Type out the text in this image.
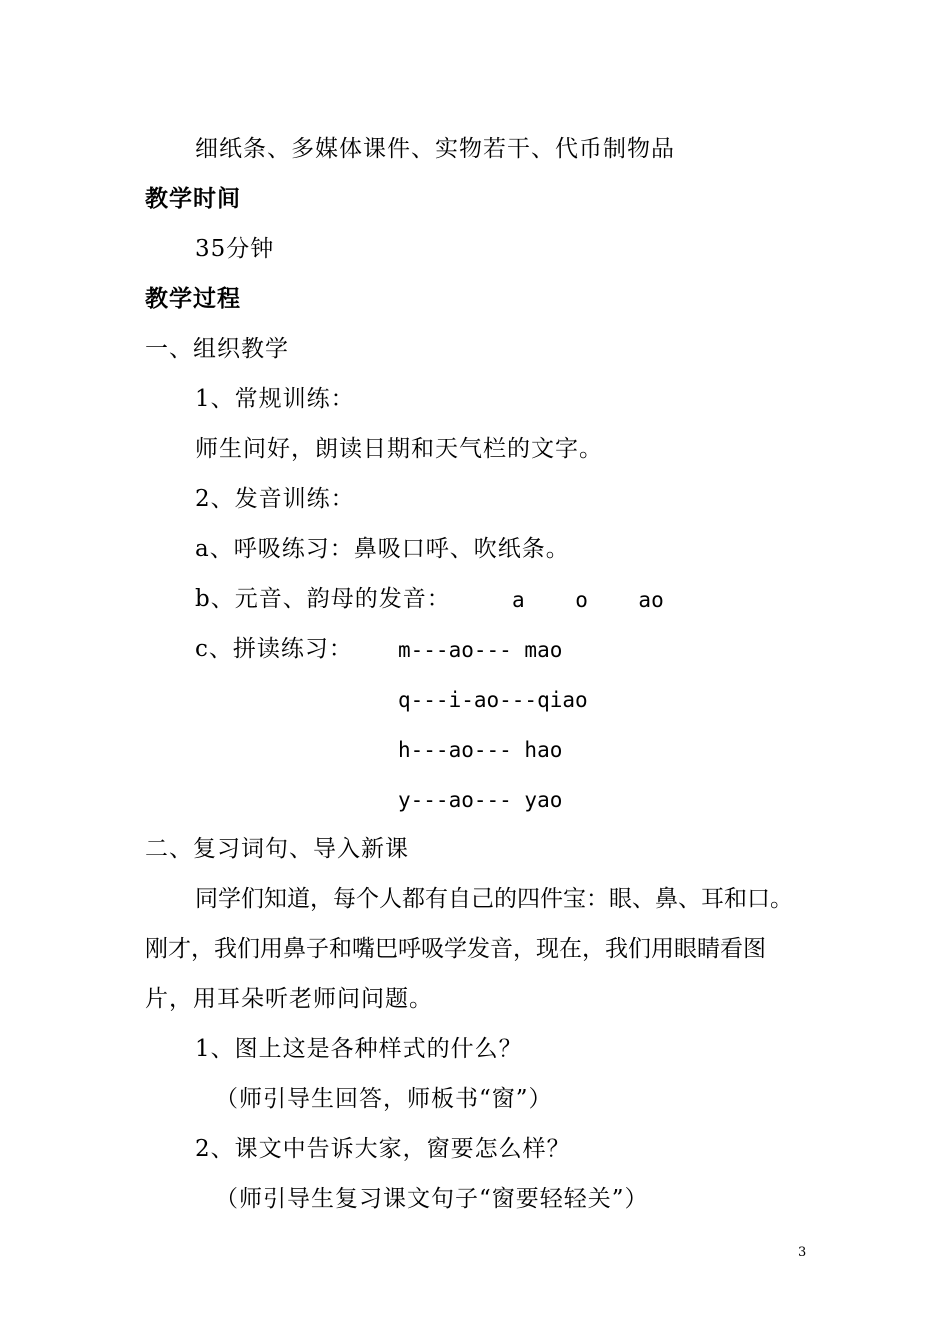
细纸条、多媒体课件、实物若干、代币制物品
教学时间
35分钟
教学过程
一、组织教学
1、常规训练：
师生问好，朗读日期和天气栏的文字。
2、发音训练：
a、呼吸练习：鼻吸口呼、吹纸条。
b、元音、韵母的发音：	a    o    ao
c、拼读练习： m---ao--- mao
q---i-ao---qiao
h---ao--- hao
y---ao--- yao
二、复习词句、导入新课
同学们知道，每个人都有自己的四件宝：眼、鼻、耳和口。
刚才，我们用鼻子和嘴巴呼吸学发音，现在，我们用眼睛看图
片，用耳朵听老师问问题。
1、图上这是各种样式的什么？
（师引导生回答，师板书“窗”）
2、课文中告诉大家，窗要怎么样？
（师引导生复习课文句子“窗要轻轻关”）
3
